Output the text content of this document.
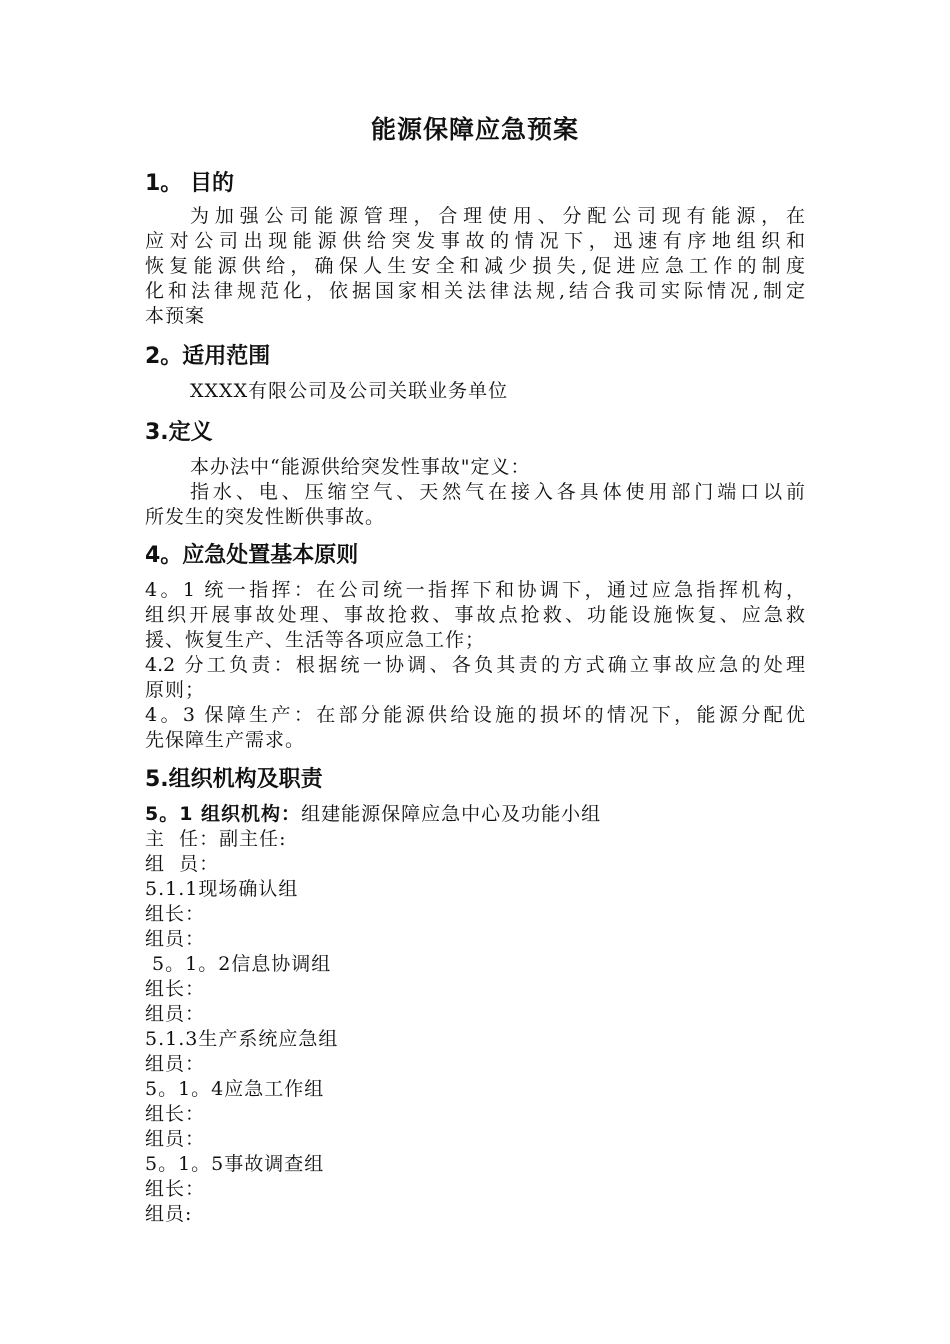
能源保障应急预案
1。 目的
为加强公司能源管理，合理使用、分配公司现有能源，在
应对公司出现能源供给突发事故的情况下，迅速有序地组织和
恢复能源供给，确保人生安全和减少损失,促进应急工作的制度
化和法律规范化，依据国家相关法律法规,结合我司实际情况,制定
本预案
2。适用范围
XXXX有限公司及公司关联业务单位
3.定义
本办法中“能源供给突发性事故"定义：
指水、电、压缩空气、天然气在接入各具体使用部门端口以前
所发生的突发性断供事故。
4。应急处置基本原则
4。1 统一指挥：在公司统一指挥下和协调下，通过应急指挥机构，
组织开展事故处理、事故抢救、事故点抢救、功能设施恢复、应急救
援、恢复生产、生活等各项应急工作；
4.2 分工负责：根据统一协调、各负其责的方式确立事故应急的处理
原则；
4。3 保障生产：在部分能源供给设施的损坏的情况下，能源分配优
先保障生产需求。
5.组织机构及职责
5。1 组织机构：组建能源保障应急中心及功能小组
主  任：副主任:
组  员：
5.1.1现场确认组
组长：
组员：
5。1。2信息协调组
组长：
组员：
5.1.3生产系统应急组
组员：
5。1。4应急工作组
组长：
组员：
5。1。5事故调查组
组长：
组员:
